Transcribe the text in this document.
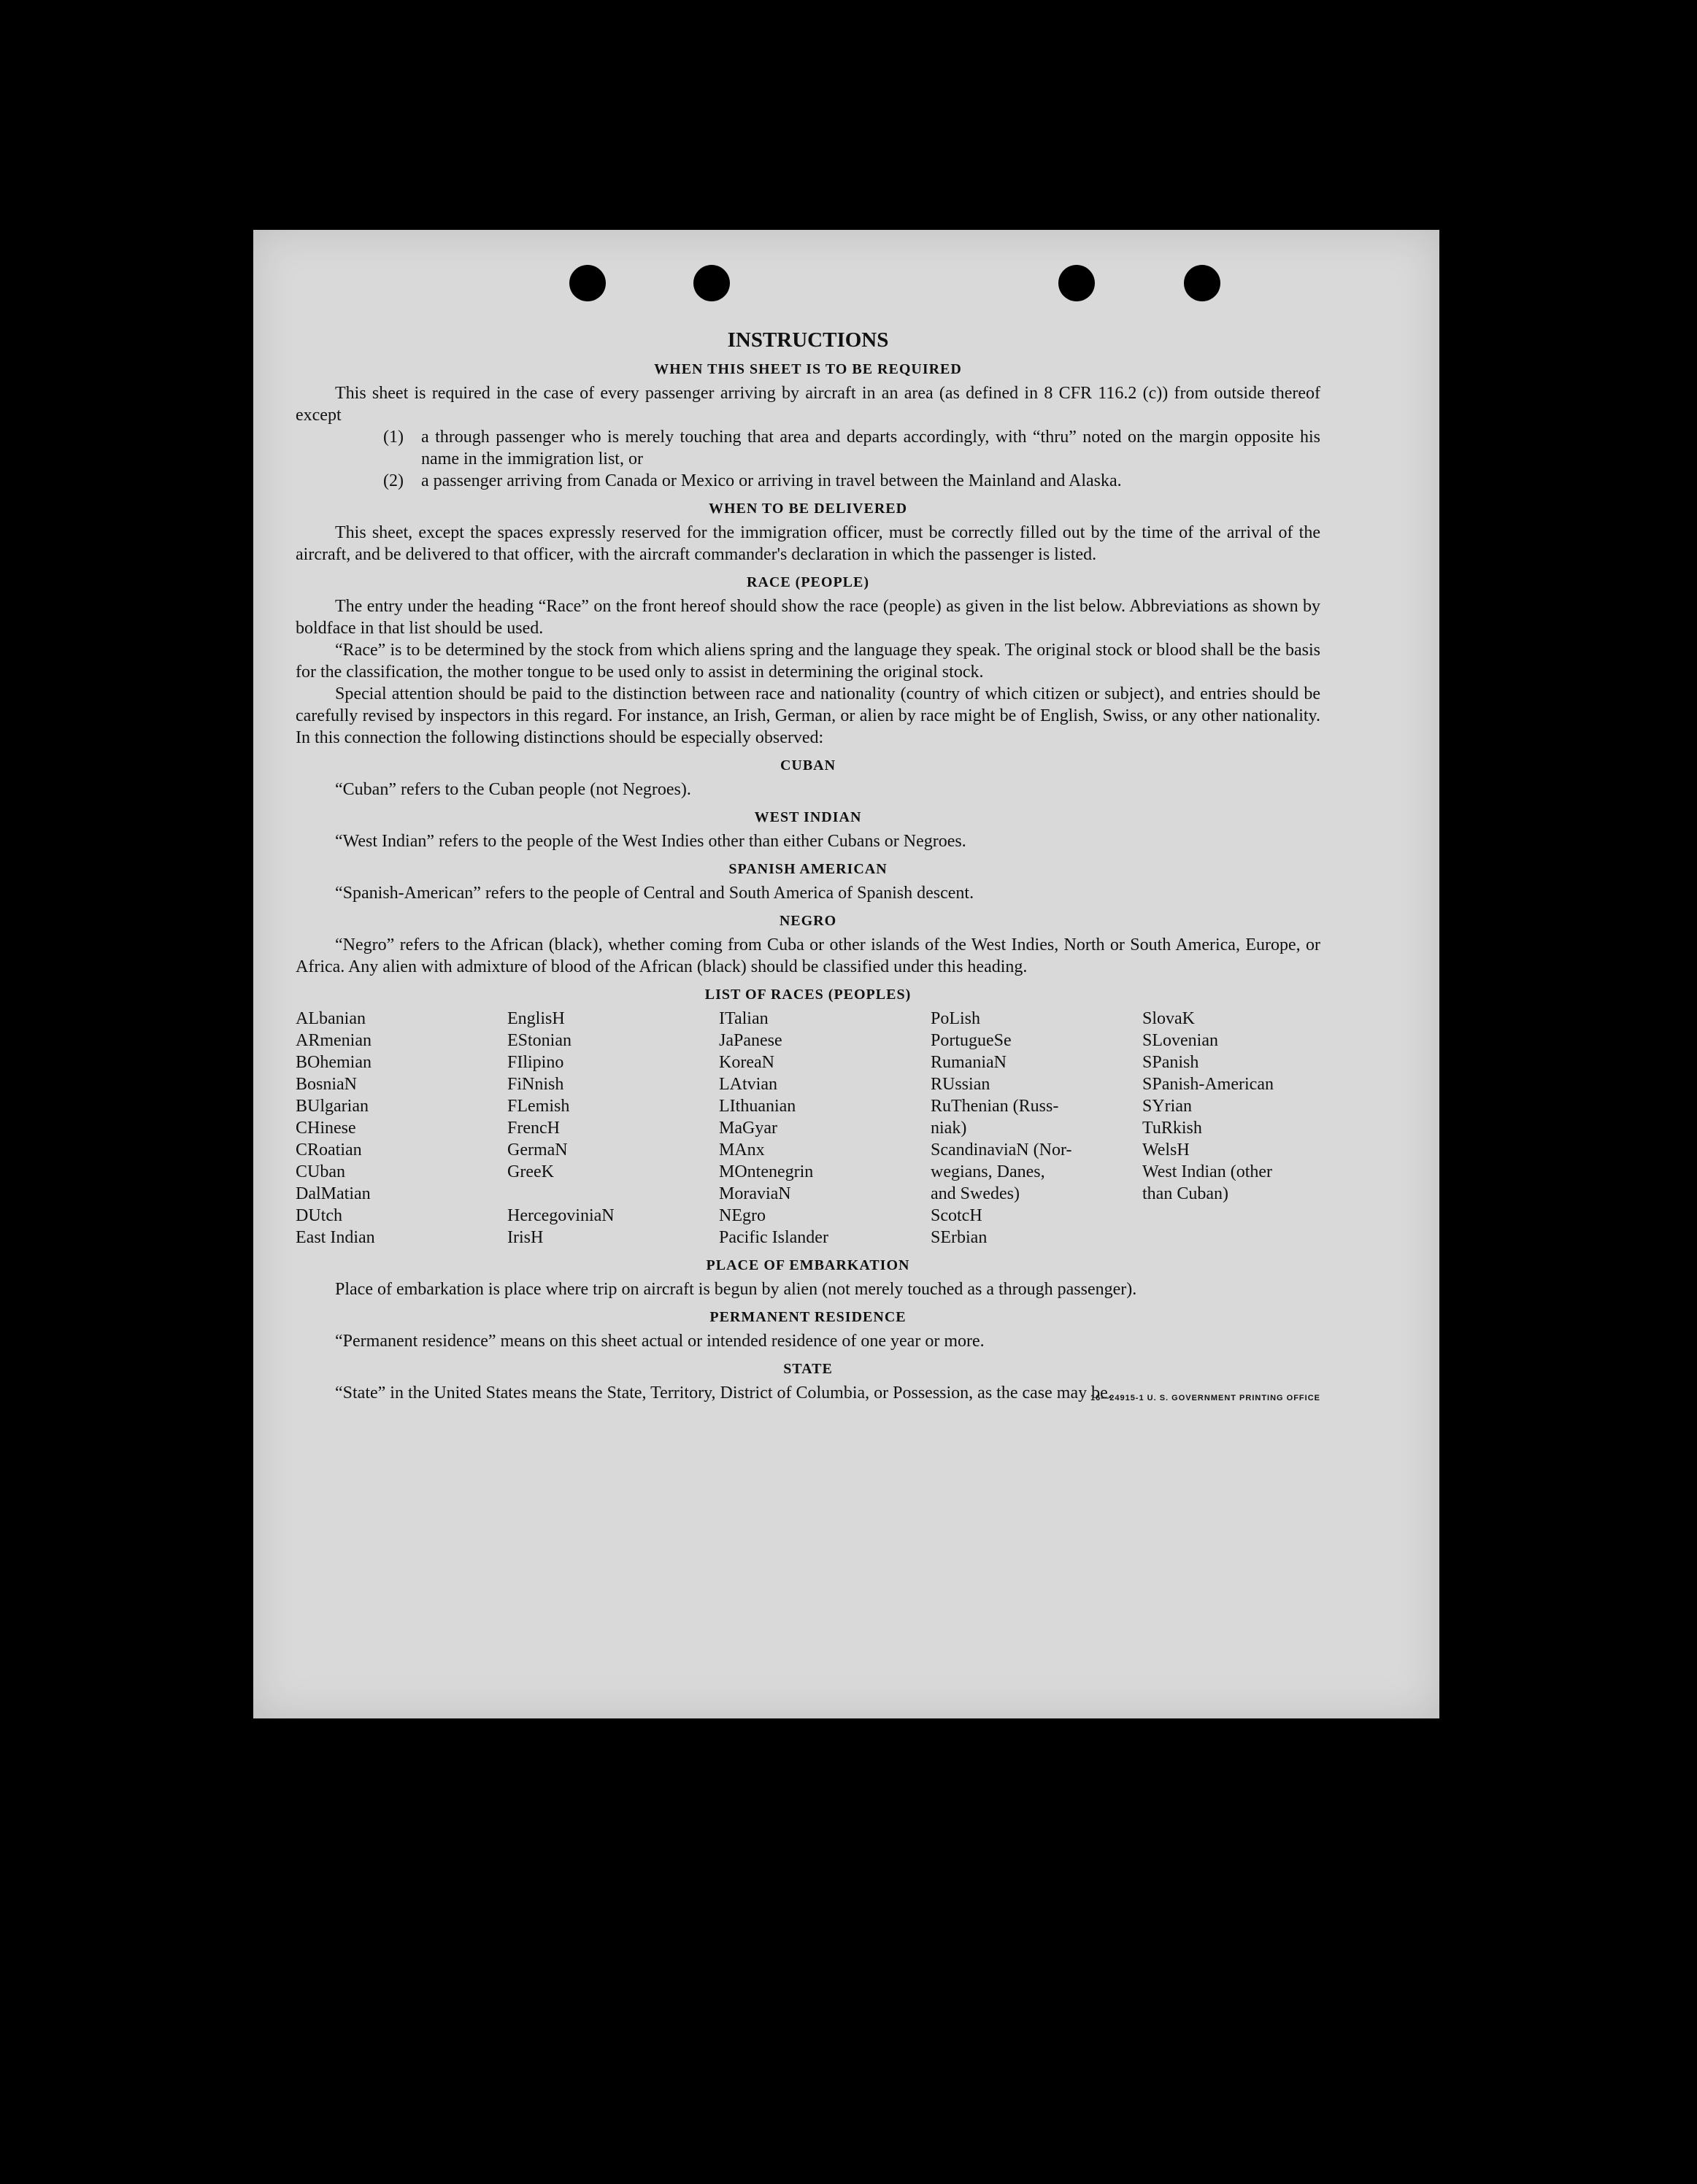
INSTRUCTIONS
WHEN THIS SHEET IS TO BE REQUIRED

This sheet is required in the case of every passenger arriving by aircraft in an area (as defined in 8 CFR 116.2 (c)) from outside thereof except

(1)	a through passenger who is merely touching that area and departs accordingly, with “thru” noted on the margin opposite his name in the immigration list, or
(2)	a passenger arriving from Canada or Mexico or arriving in travel between the Mainland and Alaska.
WHEN TO BE DELIVERED

This sheet, except the spaces expressly reserved for the immigration officer, must be correctly filled out by the time of the arrival of the aircraft, and be delivered to that officer, with the aircraft commander's declaration in which the passenger is listed.

RACE (PEOPLE)

The entry under the heading “Race” on the front hereof should show the race (people) as given in the list below. Abbreviations as shown by boldface in that list should be used.

“Race” is to be determined by the stock from which aliens spring and the language they speak. The original stock or blood shall be the basis for the classification, the mother tongue to be used only to assist in determining the original stock.

Special attention should be paid to the distinction between race and nationality (country of which citizen or subject), and entries should be carefully revised by inspectors in this regard. For instance, an Irish, German, or alien by race might be of English, Swiss, or any other nationality. In this connection the following distinctions should be especially observed:

CUBAN

“Cuban” refers to the Cuban people (not Negroes).

WEST INDIAN

“West Indian” refers to the people of the West Indies other than either Cubans or Negroes.

SPANISH AMERICAN

“Spanish-American” refers to the people of Central and South America of Spanish descent.

NEGRO

“Negro” refers to the African (black), whether coming from Cuba or other islands of the West Indies, North or South America, Europe, or Africa. Any alien with admixture of blood of the African (black) should be classified under this heading.

LIST OF RACES (PEOPLES)
ALbanian
ARmenian
BOhemian
BosniaN
BUlgarian
CHinese
CRoatian
CUban
DalMatian
DUtch
East Indian
EnglisH
EStonian
FIlipino
FiNnish
FLemish
FrencH
GermaN
GreeK

HercegoviniaN
IrisH
ITalian
JaPanese
KoreaN
LAtvian
LIthuanian
MaGyar
MAnx
MOntenegrin
MoraviaN
NEgro
Pacific Islander
PoLish
PortugueSe
RumaniaN
RUssian
RuThenian (Russ-
niak)
ScandinaviaN (Nor-
wegians, Danes,
and Swedes)
ScotcH
SErbian
SlovaK
SLovenian
SPanish
SPanish-American
SYrian
TuRkish
WelsH
West Indian (other
than Cuban)
PLACE OF EMBARKATION

Place of embarkation is place where trip on aircraft is begun by alien (not merely touched as a through passenger).

PERMANENT RESIDENCE

“Permanent residence” means on this sheet actual or intended residence of one year or more.

STATE

“State” in the United States means the State, Territory, District of Columbia, or Possession, as the case may be.

16—24915-1 U. S. GOVERNMENT PRINTING OFFICE
